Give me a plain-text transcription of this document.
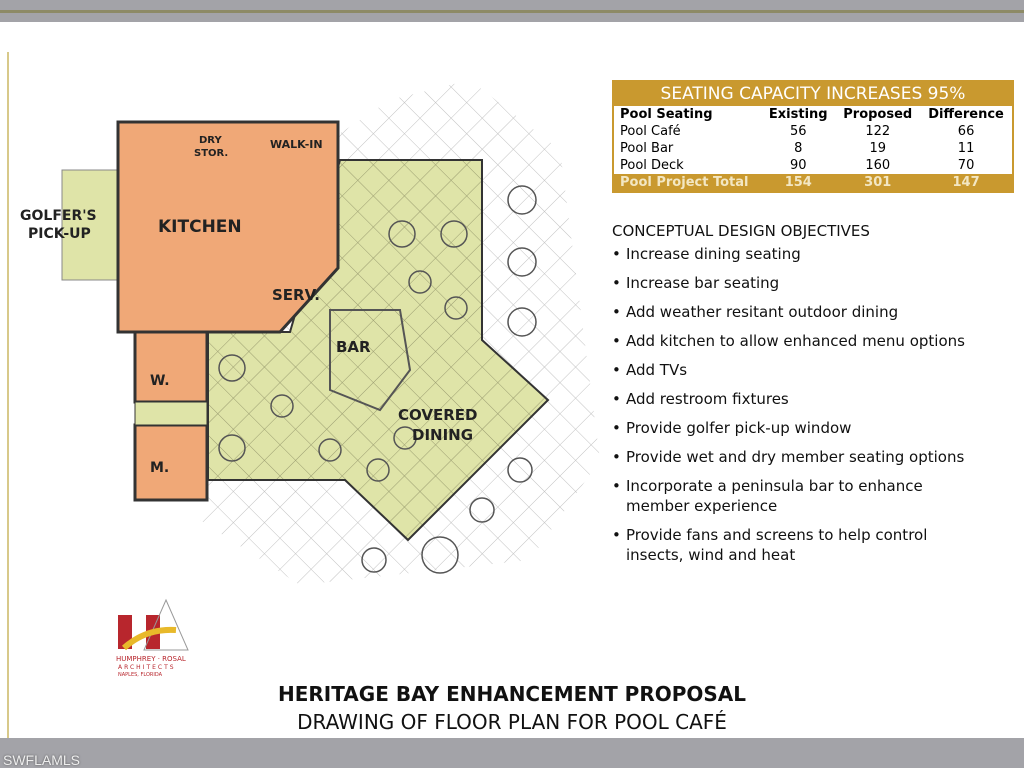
DRY
STOR.
WALK-IN
KITCHEN
GOLFER'S
PICK-UP
SERV.
BAR
COVERED
DINING
W.
M.
HUMPHREY · ROSAL
ARCHITECTS
NAPLES, FLORIDA
SEATING CAPACITY INCREASES 95%
Pool Seating	Existing	Proposed	Difference
Pool Café	56	122	66
Pool Bar	8	19	11
Pool Deck	90	160	70
Pool Project Total	154	301	147
CONCEPTUAL DESIGN OBJECTIVES
• Increase dining seating
• Increase bar seating
• Add weather resitant outdoor dining
• Add kitchen to allow enhanced menu options
• Add TVs
• Add restroom fixtures
• Provide golfer pick-up window
• Provide wet and dry member seating options
• Incorporate a peninsula bar to enhance member experience
• Provide fans and screens to help control insects, wind and heat
HERITAGE BAY ENHANCEMENT PROPOSAL
DRAWING OF FLOOR PLAN FOR POOL CAFÉ
SWFLAMLS
